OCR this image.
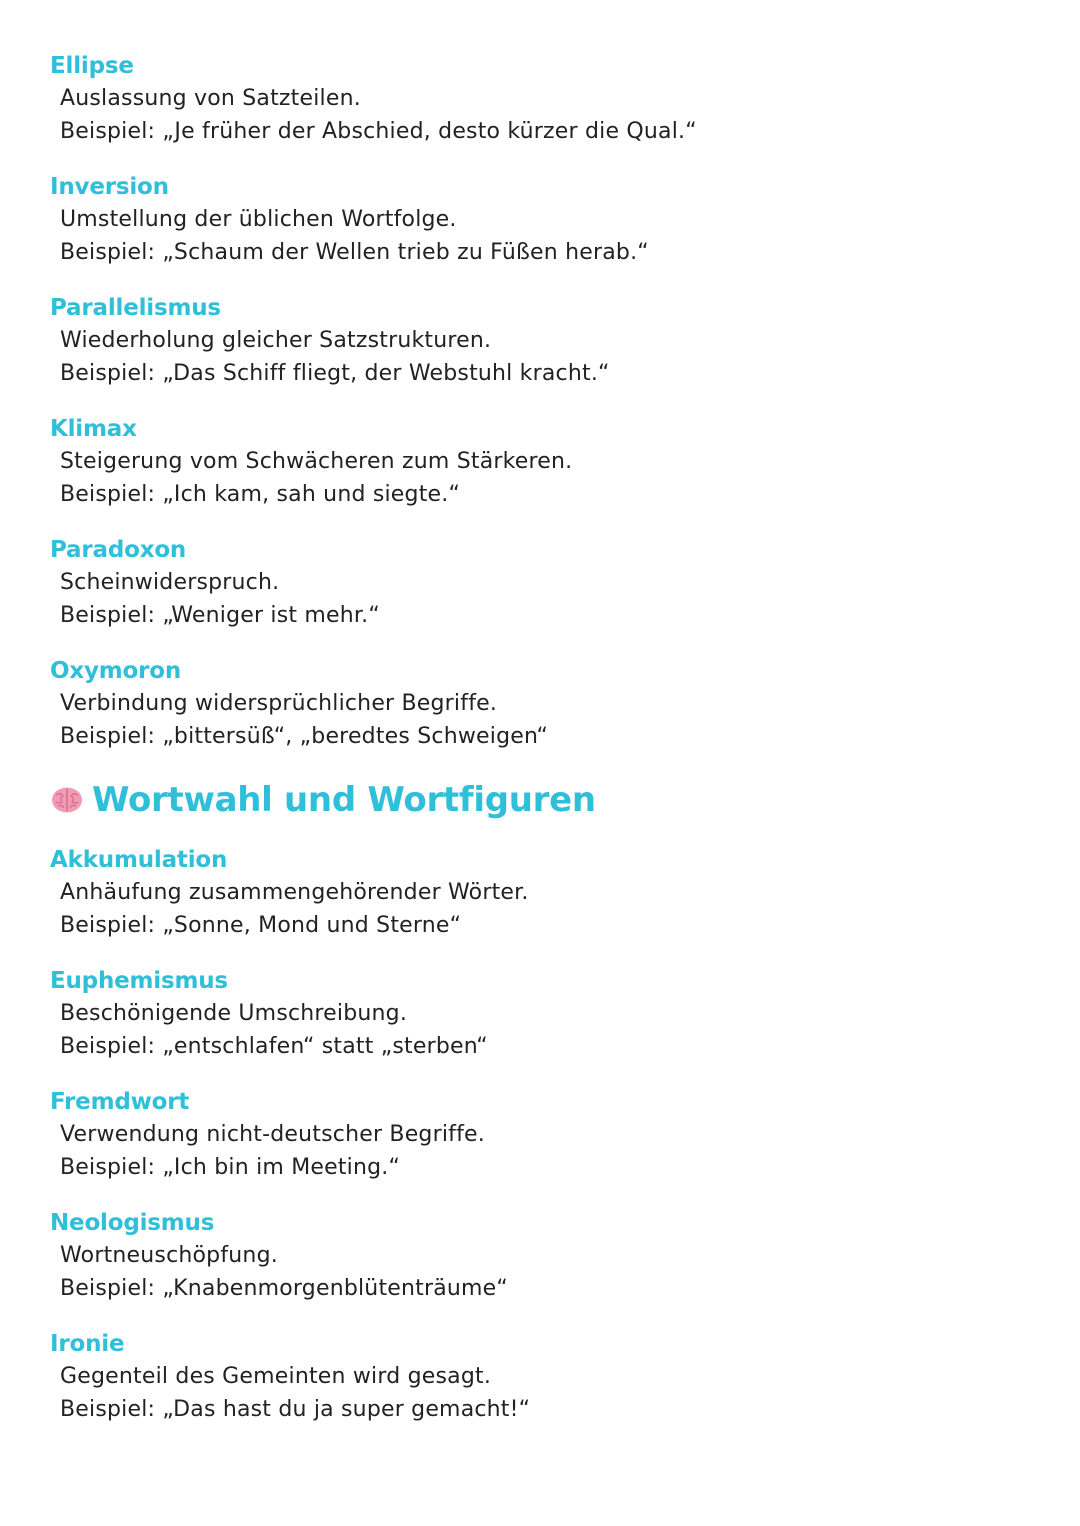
Ellipse
Auslassung von Satzteilen.
Beispiel: „Je früher der Abschied, desto kürzer die Qual.“
Inversion
Umstellung der üblichen Wortfolge.
Beispiel: „Schaum der Wellen trieb zu Füßen herab.“
Parallelismus
Wiederholung gleicher Satzstrukturen.
Beispiel: „Das Schiff fliegt, der Webstuhl kracht.“
Klimax
Steigerung vom Schwächeren zum Stärkeren.
Beispiel: „Ich kam, sah und siegte.“
Paradoxon
Scheinwiderspruch.
Beispiel: „Weniger ist mehr.“
Oxymoron
Verbindung widersprüchlicher Begriffe.
Beispiel: „bittersüß“, „beredtes Schweigen“
Wortwahl und Wortfiguren
Akkumulation
Anhäufung zusammengehörender Wörter.
Beispiel: „Sonne, Mond und Sterne“
Euphemismus
Beschönigende Umschreibung.
Beispiel: „entschlafen“ statt „sterben“
Fremdwort
Verwendung nicht-deutscher Begriffe.
Beispiel: „Ich bin im Meeting.“
Neologismus
Wortneuschöpfung.
Beispiel: „Knabenmorgenblütenträume“
Ironie
Gegenteil des Gemeinten wird gesagt.
Beispiel: „Das hast du ja super gemacht!“
